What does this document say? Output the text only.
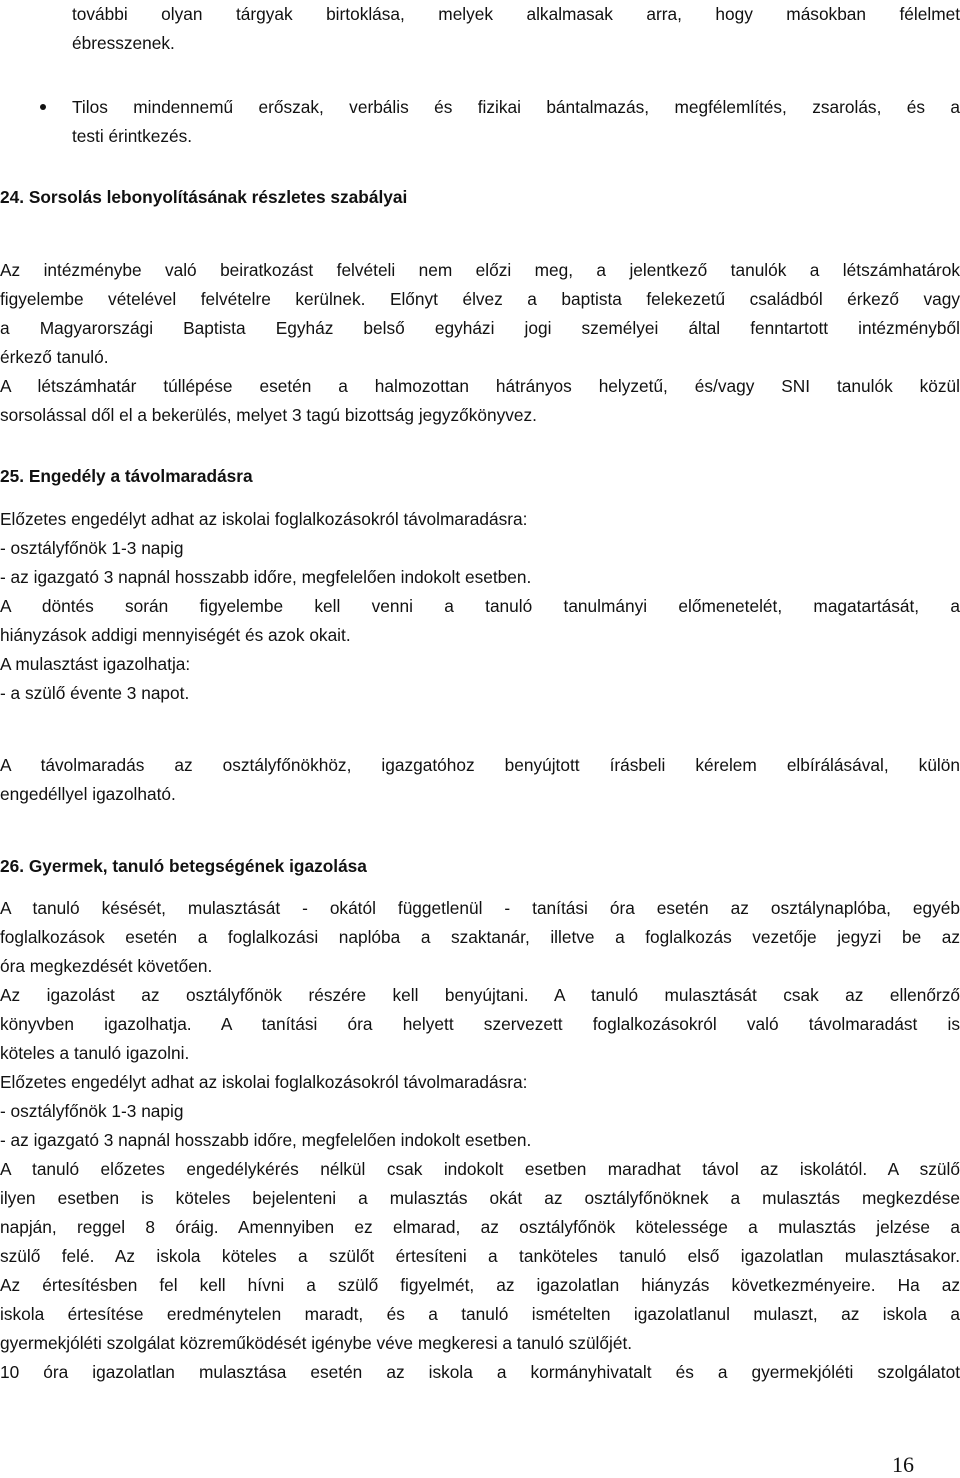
további olyan tárgyak birtoklása, melyek alkalmasak arra, hogy másokban félelmet
ébresszenek.
Tilos mindennemű erőszak, verbális és fizikai bántalmazás, megfélemlítés, zsarolás, és a
testi érintkezés.
24. Sorsolás lebonyolításának részletes szabályai
Az intézménybe való beiratkozást felvételi nem előzi meg, a jelentkező tanulók a létszámhatárok
figyelembe vételével felvételre kerülnek. Előnyt élvez a baptista felekezetű családból érkező vagy
a Magyarországi Baptista Egyház belső egyházi jogi személyei által fenntartott intézményből
érkező tanuló.
A létszámhatár túllépése esetén a halmozottan hátrányos helyzetű, és/vagy SNI tanulók közül
sorsolással dől el a bekerülés, melyet 3 tagú bizottság jegyzőkönyvez.
25. Engedély a távolmaradásra
Előzetes engedélyt adhat az iskolai foglalkozásokról távolmaradásra:
- osztályfőnök 1-3 napig
- az igazgató 3 napnál hosszabb időre, megfelelően indokolt esetben.
A döntés során figyelembe kell venni a tanuló tanulmányi előmenetelét, magatartását, a
hiányzások addigi mennyiségét és azok okait.
A mulasztást igazolhatja:
- a szülő évente 3 napot.
A távolmaradás az osztályfőnökhöz, igazgatóhoz benyújtott írásbeli kérelem elbírálásával, külön
engedéllyel igazolható.
26. Gyermek, tanuló betegségének igazolása
A tanuló késését, mulasztását - okától függetlenül - tanítási óra esetén az osztálynaplóba, egyéb
foglalkozások esetén a foglalkozási naplóba a szaktanár, illetve a foglalkozás vezetője jegyzi be az
óra megkezdését követően.
Az igazolást az osztályfőnök részére kell benyújtani. A tanuló mulasztását csak az ellenőrző
könyvben igazolhatja. A tanítási óra helyett szervezett foglalkozásokról való távolmaradást is
köteles a tanuló igazolni.
Előzetes engedélyt adhat az iskolai foglalkozásokról távolmaradásra:
- osztályfőnök 1-3 napig
- az igazgató 3 napnál hosszabb időre, megfelelően indokolt esetben.
A tanuló előzetes engedélykérés nélkül csak indokolt esetben maradhat távol az iskolától. A szülő
ilyen esetben is köteles bejelenteni a mulasztás okát az osztályfőnöknek a mulasztás megkezdése
napján, reggel 8 óráig. Amennyiben ez elmarad, az osztályfőnök kötelessége a mulasztás jelzése a
szülő felé. Az iskola köteles a szülőt értesíteni a tanköteles tanuló első igazolatlan mulasztásakor.
Az értesítésben fel kell hívni a szülő figyelmét, az igazolatlan hiányzás következményeire. Ha az
iskola értesítése eredménytelen maradt, és a tanuló ismételten igazolatlanul mulaszt, az iskola a
gyermekjóléti szolgálat közreműködését igénybe véve megkeresi a tanuló szülőjét.
10 óra igazolatlan mulasztása esetén az iskola a kormányhivatalt és a gyermekjóléti szolgálatot
16
